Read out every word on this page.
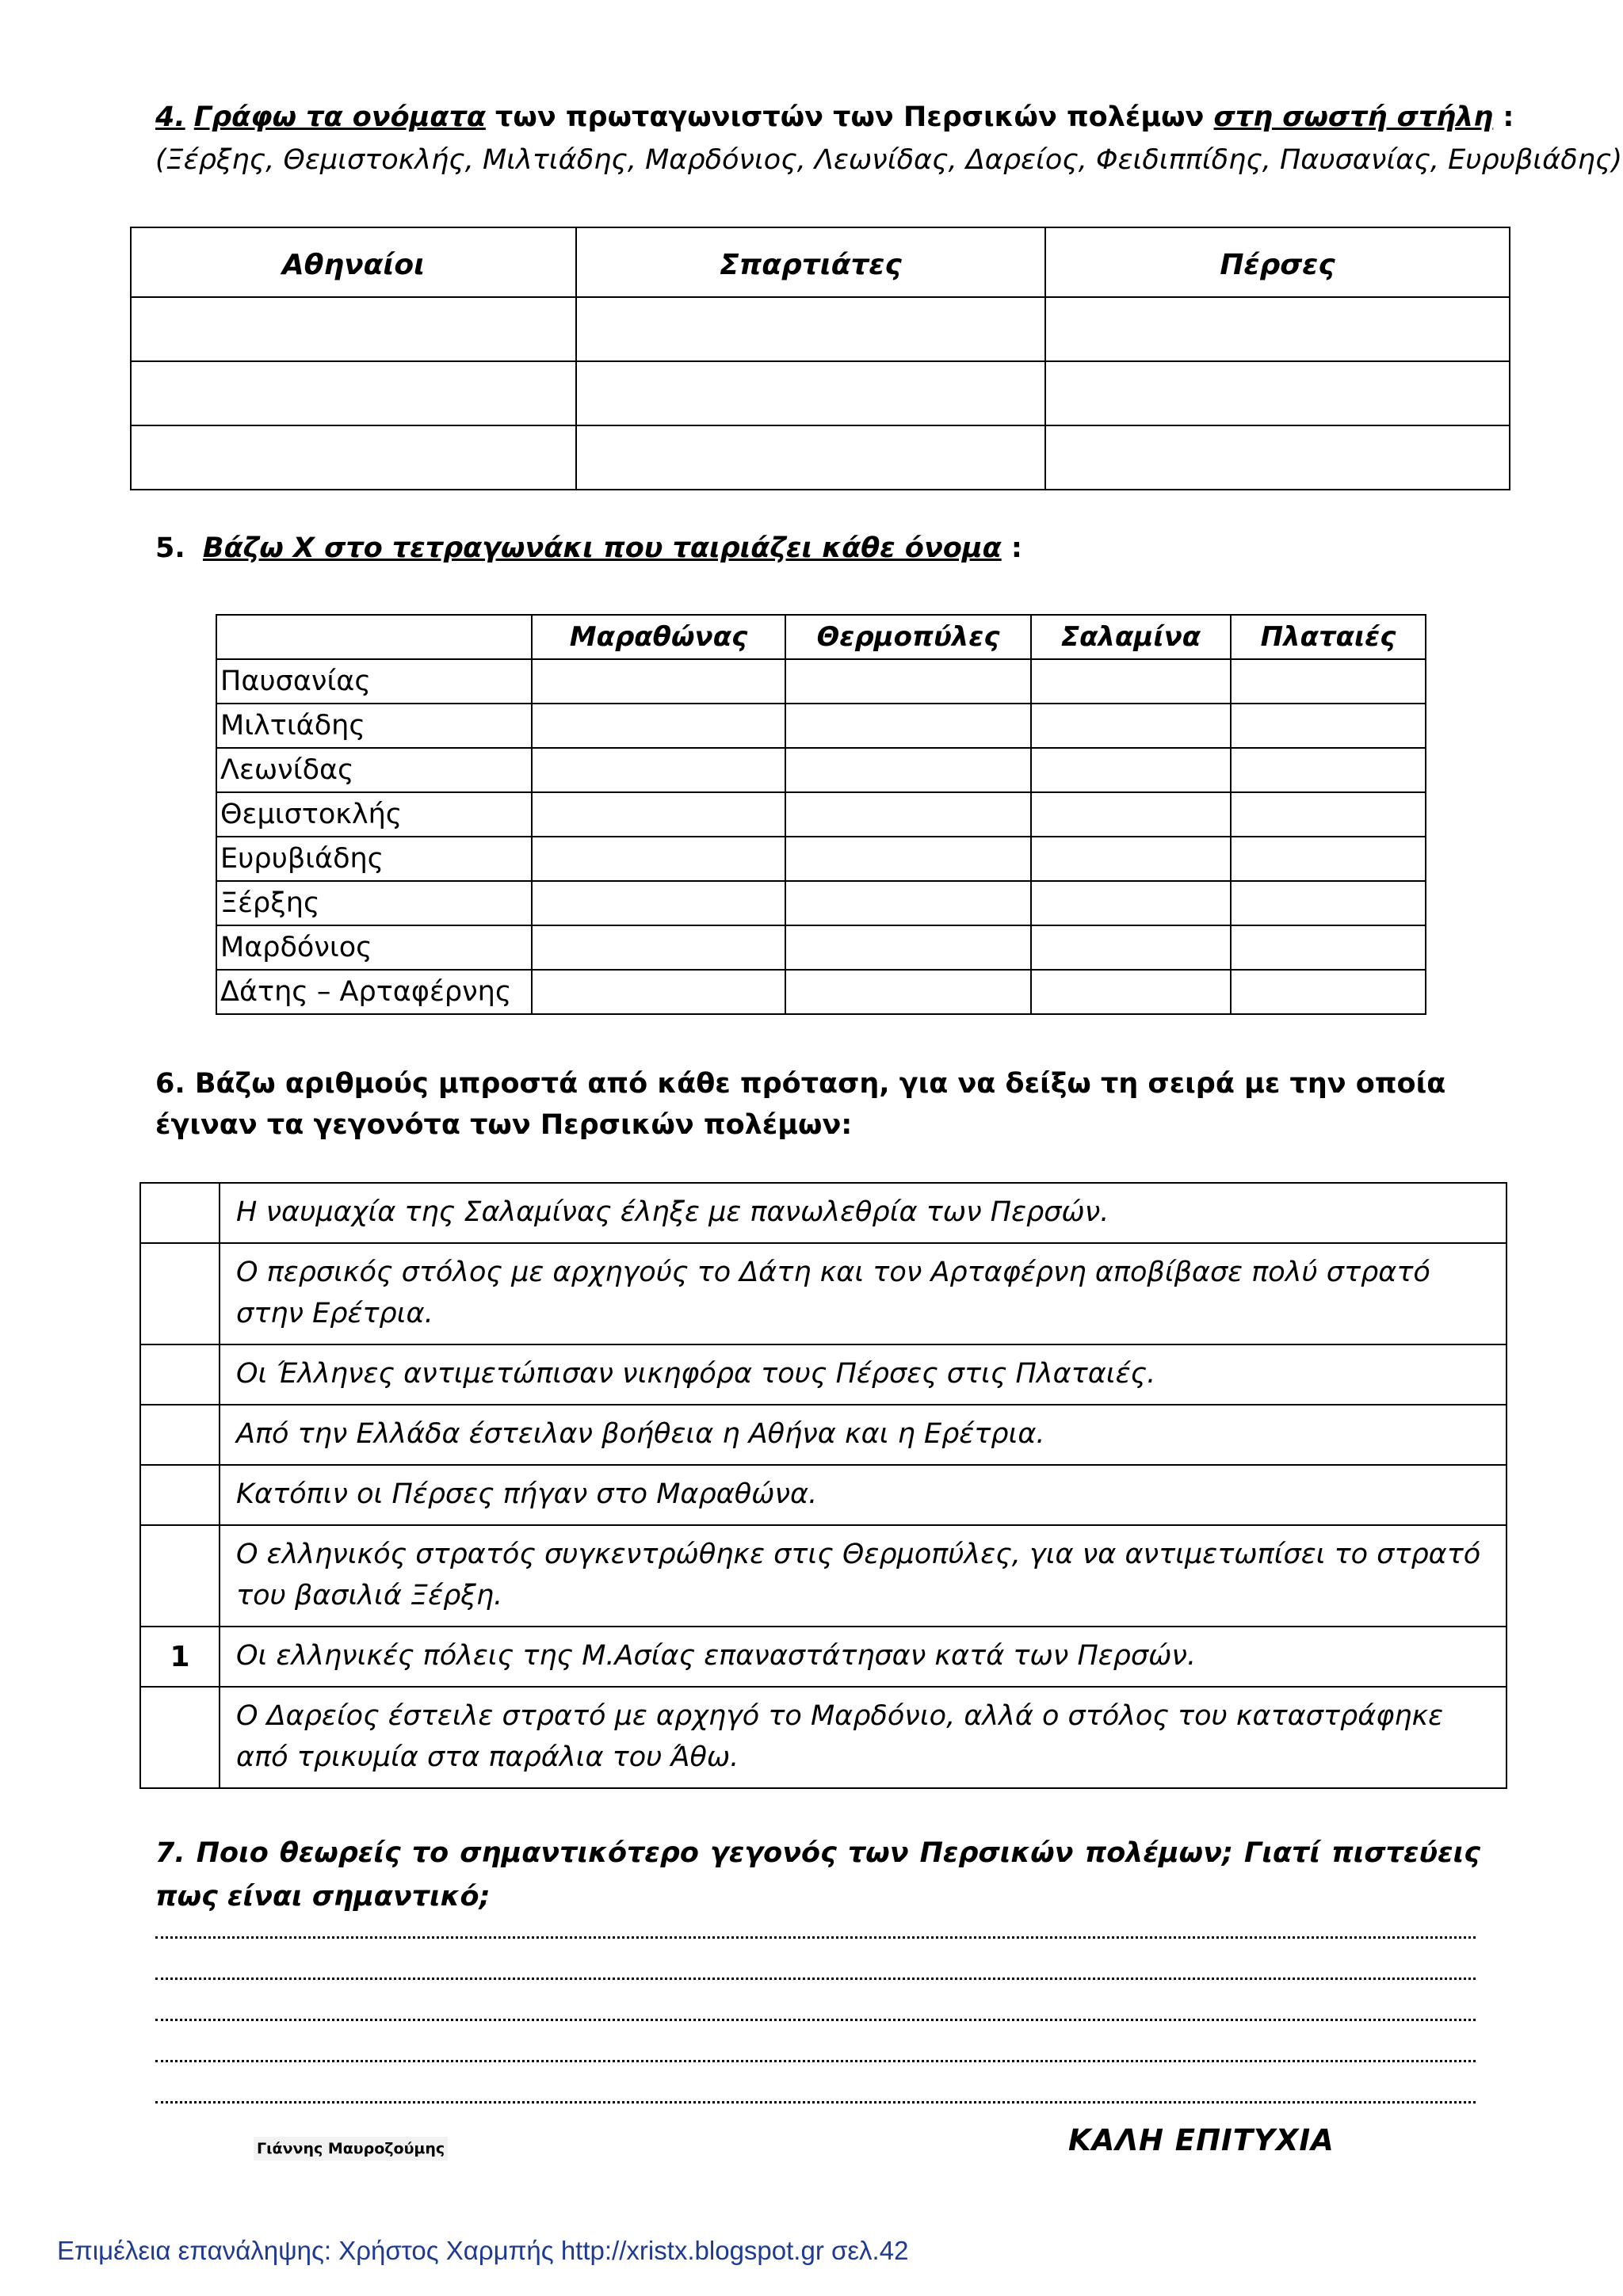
4. Γράφω τα ονόματα των πρωταγωνιστών των Περσικών πολέμων στη σωστή στήλη :
(Ξέρξης, Θεμιστοκλής, Μιλτιάδης, Μαρδόνιος, Λεωνίδας, Δαρείος, Φειδιππίδης, Παυσανίας, Ευρυβιάδης)
Αθηναίοι	Σπαρτιάτες	Πέρσες

5. Βάζω Χ στο τετραγωνάκι που ταιριάζει κάθε όνομα :
	Μαραθώνας	Θερμοπύλες	Σαλαμίνα	Πλαταιές
Παυσανίας				
Μιλτιάδης				
Λεωνίδας				
Θεμιστοκλής				
Ευρυβιάδης				
Ξέρξης				
Μαρδόνιος				
Δάτης – Αρταφέρνης				
6. Βάζω αριθμούς μπροστά από κάθε πρόταση, για να δείξω τη σειρά με την οποία έγιναν τα γεγονότα των Περσικών πολέμων:
	Η ναυμαχία της Σαλαμίνας έληξε με πανωλεθρία των Περσών.
	Ο περσικός στόλος με αρχηγούς το Δάτη και τον Αρταφέρνη αποβίβασε πολύ στρατό στην Ερέτρια.
	Οι Έλληνες αντιμετώπισαν νικηφόρα τους Πέρσες στις Πλαταιές.
	Από την Ελλάδα έστειλαν βοήθεια η Αθήνα και η Ερέτρια.
	Κατόπιν οι Πέρσες πήγαν στο Μαραθώνα.
	Ο ελληνικός στρατός συγκεντρώθηκε στις Θερμοπύλες, για να αντιμετωπίσει το στρατό του βασιλιά Ξέρξη.
1	Οι ελληνικές πόλεις της Μ.Ασίας επαναστάτησαν κατά των Περσών.
	Ο Δαρείος έστειλε στρατό με αρχηγό το Μαρδόνιο, αλλά ο στόλος του καταστράφηκε από τρικυμία στα παράλια του Άθω.
7. Ποιο θεωρείς το σημαντικότερο γεγονός των Περσικών πολέμων; Γιατί πιστεύεις πως είναι σημαντικό;
Γιάννης Μαυροζούμης	ΚΑΛΗ ΕΠΙΤΥΧΙΑ
Επιμέλεια επανάληψης: Χρήστος Χαρμπής http://xristx.blogspot.gr σελ.42
